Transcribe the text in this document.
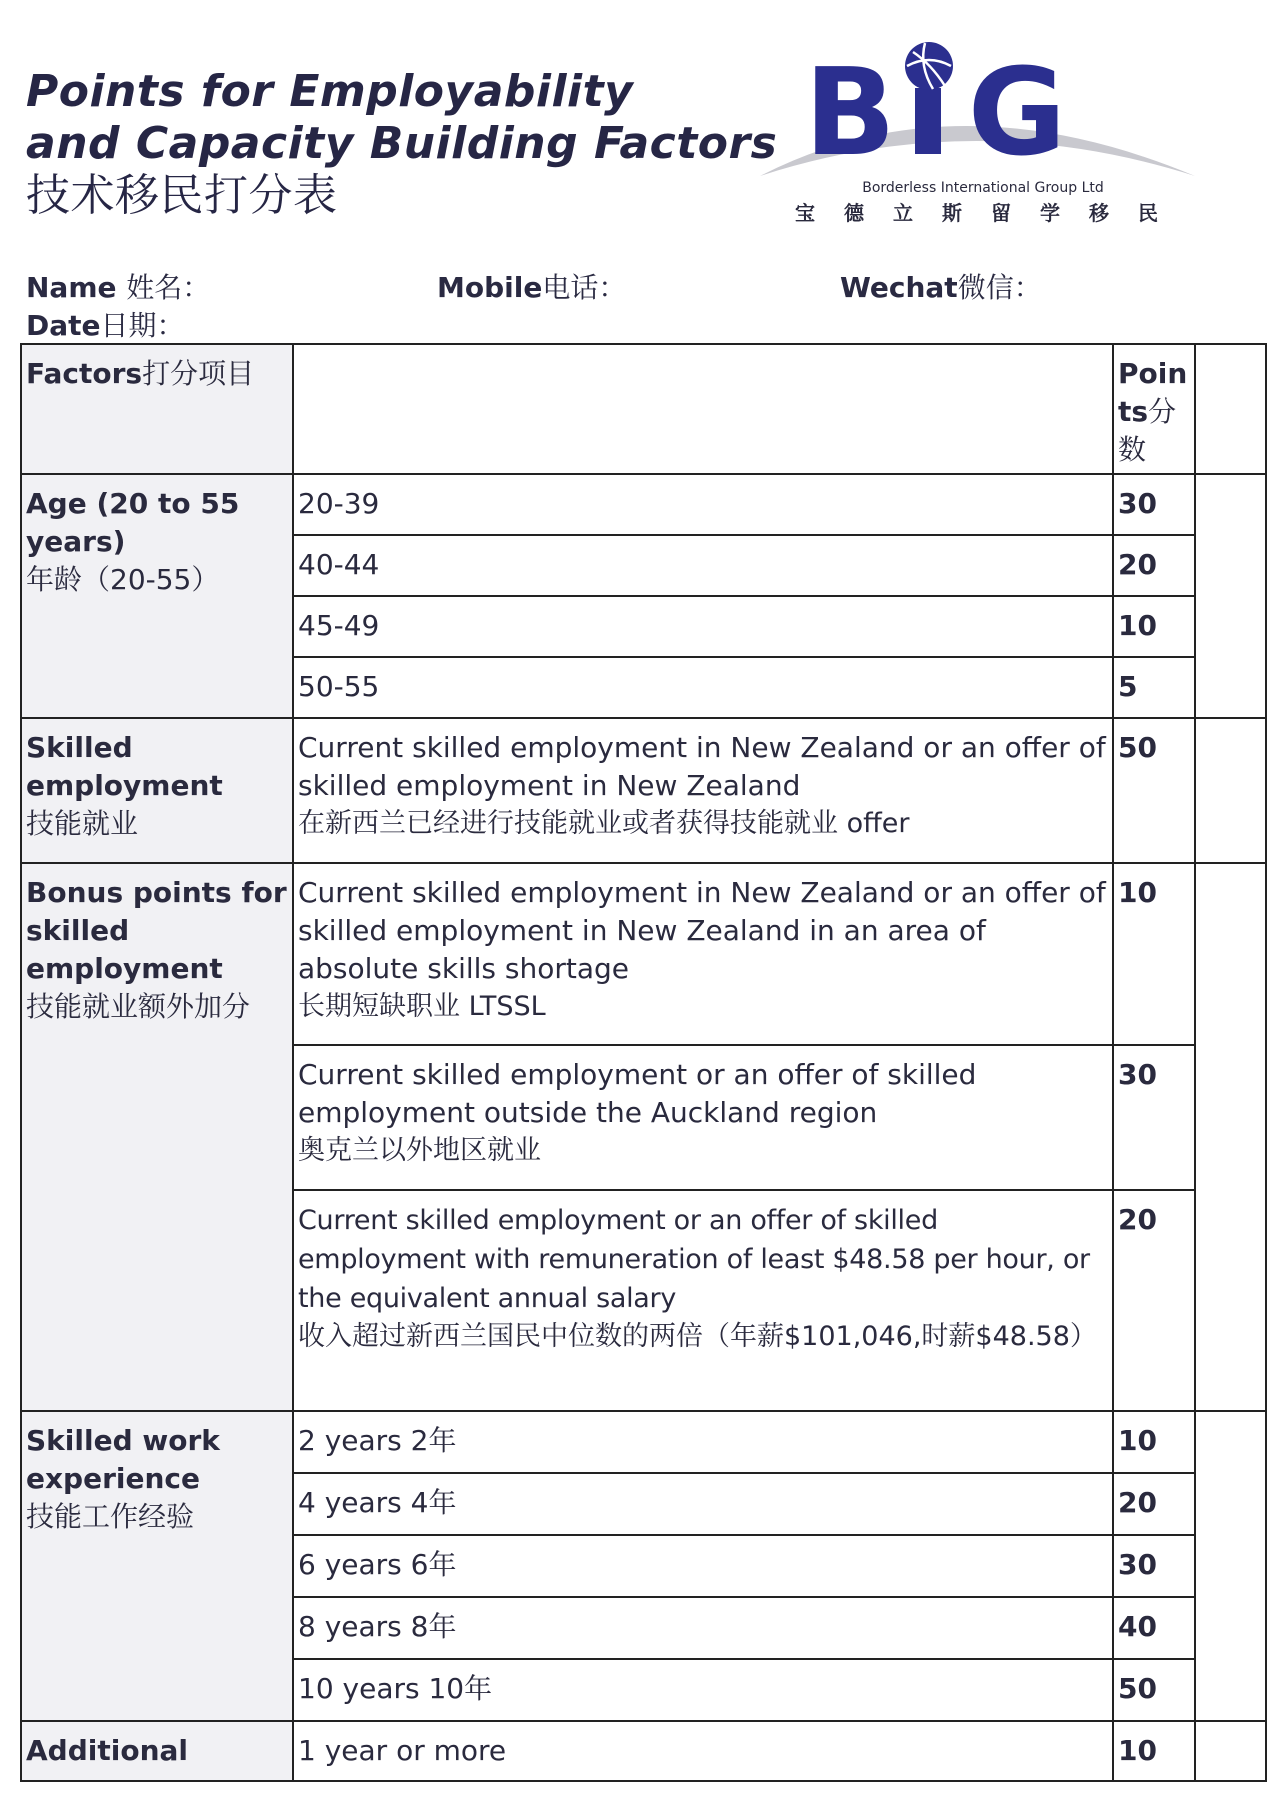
Points for Employability
and Capacity Building Factors
技术移民打分表
B G
Borderless International Group Ltd
宝 德 立 斯 留 学 移 民
Name 姓名：	Mobile电话：	Wechat微信：
Date日期：
Factors打分项目		Poin
ts分
数	
Age (20 to 55 years)
年龄（20-55）	20-39	30	
	40-44	20	
	45-49	10	
	50-55	5	
Skilled employment
技能就业	Current skilled employment in New Zealand or an offer of skilled employment in New Zealand
在新西兰已经进行技能就业或者获得技能就业 offer	50	
Bonus points for skilled employment
技能就业额外加分	Current skilled employment in New Zealand or an offer of skilled employment in New Zealand in an area of absolute skills shortage
长期短缺职业 LTSSL	10	
	Current skilled employment or an offer of skilled employment outside the Auckland region
奥克兰以外地区就业	30	
	Current skilled employment or an offer of skilled employment with remuneration of least $48.58 per hour, or the equivalent annual salary
收入超过新西兰国民中位数的两倍（年薪$101,046,时薪$48.58）	20	
Skilled work experience
技能工作经验	2 years 2年	10	
	4 years 4年	20	
	6 years 6年	30	
	8 years 8年	40	
	10 years 10年	50	
Additional	1 year or more	10	
